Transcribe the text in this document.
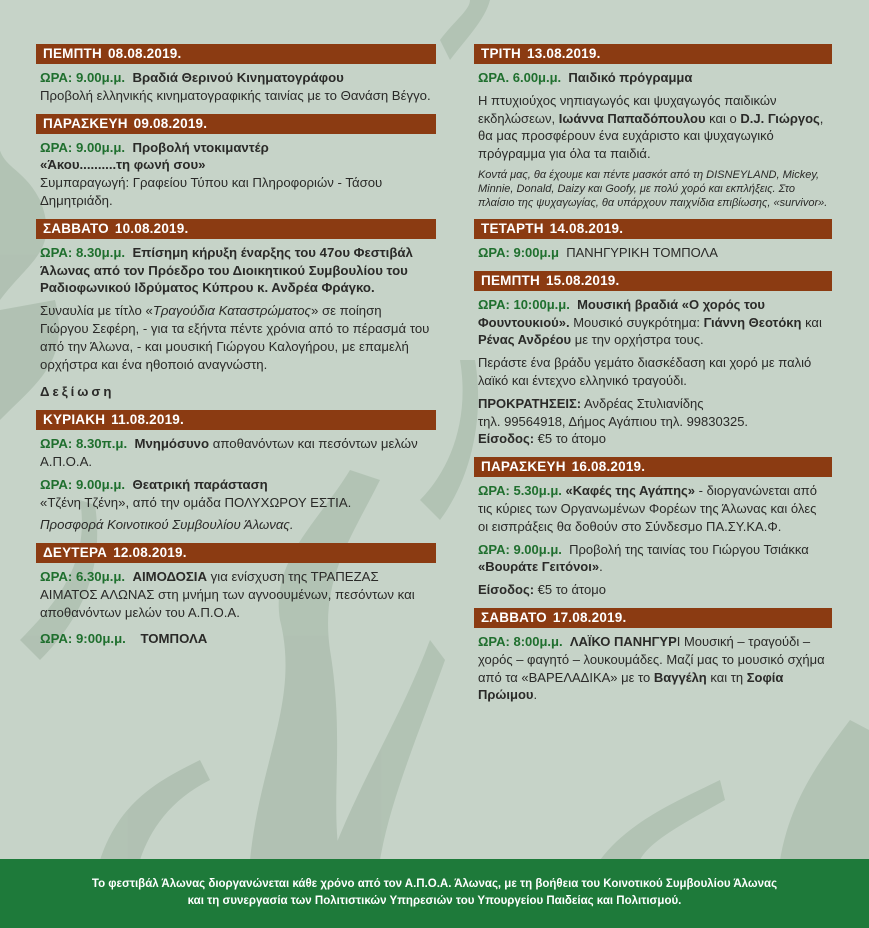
ΠΕΜΠΤΗ 08.08.2019.
ΩΡΑ: 9.00μ.μ. Βραδιά Θερινού Κινηματογράφου
Προβολή ελληνικής κινηματογραφικής ταινίας με το Θανάση Βέγγο.
ΠΑΡΑΣΚΕΥΗ 09.08.2019.
ΩΡΑ: 9.00μ.μ. Προβολή ντοκιμαντέρ
«Άκου..........τη φωνή σου»
Συμπαραγωγή: Γραφείου Τύπου και Πληροφοριών - Τάσου Δημητριάδη.
ΣΑΒΒΑΤΟ 10.08.2019.
ΩΡΑ: 8.30μ.μ. Επίσημη κήρυξη έναρξης του 47ου Φεστιβάλ Άλωνας από τον Πρόεδρο του Διοικητικού Συμβουλίου του Ραδιοφωνικού Ιδρύματος Κύπρου κ. Ανδρέα Φράγκο.
Συναυλία με τίτλο «Τραγούδια Καταστρώματος» σε ποίηση Γιώργου Σεφέρη, - για τα εξήντα πέντε χρόνια από το πέρασμά του από την Άλωνα, - και μουσική Γιώργου Καλογήρου, με επαμελή ορχήστρα και ένα ηθοποιό αναγνώστη.
Δεξίωση
ΚΥΡΙΑΚΗ 11.08.2019.
ΩΡΑ: 8.30π.μ. Μνημόσυνο αποθανόντων και πεσόντων μελών Α.Π.Ο.Α.
ΩΡΑ: 9.00μ.μ. Θεατρική παράσταση
«Τζένη Τζένη», από την ομάδα ΠΟΛΥΧΩΡΟΥ ΕΣΤΙΑ.
Προσφορά Κοινοτικού Συμβουλίου Άλωνας.
ΔΕΥΤΕΡΑ 12.08.2019.
ΩΡΑ: 6.30μ.μ. ΑΙΜΟΔΟΣΙΑ για ενίσχυση της ΤΡΑΠΕΖΑΣ ΑΙΜΑΤΟΣ ΑΛΩΝΑΣ στη μνήμη των αγνοουμένων, πεσόντων και αποθανόντων μελών του Α.Π.Ο.Α.
ΩΡΑ: 9:00μ.μ. ΤΟΜΠΟΛΑ
ΤΡΙΤΗ 13.08.2019.
ΩΡΑ. 6.00μ.μ. Παιδικό πρόγραμμα
Η πτυχιούχος νηπιαγωγός και ψυχαγωγός παιδικών εκδηλώσεων, Ιωάννα Παπαδόπουλου και ο D.J. Γιώργος, θα μας προσφέρουν ένα ευχάριστο και ψυχαγωγικό πρόγραμμα για όλα τα παιδιά.
Κοντά μας, θα έχουμε και πέντε μασκότ από τη DISNEYLAND, Mickey, Minnie, Donald, Daizy και Goofy, με πολύ χορό και εκπλήξεις. Στο πλαίσιο της ψυχαγωγίας, θα υπάρχουν παιχνίδια επιβίωσης, «survivor».
ΤΕΤΑΡΤΗ 14.08.2019.
ΩΡΑ: 9:00μ.μ ΠΑΝΗΓΥΡΙΚΗ ΤΟΜΠΟΛΑ
ΠΕΜΠΤΗ 15.08.2019.
ΩΡΑ: 10:00μ.μ. Μουσική βραδιά «Ο χορός του Φουντουκιού». Μουσικό συγκρότημα: Γιάννη Θεοτόκη και Ρένας Ανδρέου με την ορχήστρα τους.
Περάστε ένα βράδυ γεμάτο διασκέδαση και χορό με παλιό λαϊκό και έντεχνο ελληνικό τραγούδι.
ΠΡΟΚΡΑΤΗΣΕΙΣ: Ανδρέας Στυλιανίδης
τηλ. 99564918, Δήμος Αγάπιου τηλ. 99830325.
Είσοδος: €5 το άτομο
ΠΑΡΑΣΚΕΥΗ 16.08.2019.
ΩΡΑ: 5.30μ.μ. «Καφές της Αγάπης» - διοργανώνεται από τις κύριες των Οργανωμένων Φορέων της Άλωνας και όλες οι εισπράξεις θα δοθούν στο Σύνδεσμο ΠΑ.ΣΥ.ΚΑ.Φ.
ΩΡΑ: 9.00μ.μ. Προβολή της ταινίας του Γιώργου Τσιάκκα «Βουράτε Γειτόνοι».
Είσοδος: €5 το άτομο
ΣΑΒΒΑΤΟ 17.08.2019.
ΩΡΑ: 8:00μ.μ. ΛΑΪΚΟ ΠΑΝΗΓΥΡΙ Μουσική – τραγούδι – χορός – φαγητό – λουκουμάδες. Μαζί μας το μουσικό σχήμα από τα «ΒΑΡΕΛΑΔΙΚΑ» με το Βαγγέλη και τη Σοφία Πρώιμου.
Το φεστιβάλ Άλωνας διοργανώνεται κάθε χρόνο από τον Α.Π.Ο.Α. Άλωνας, με τη βοήθεια του Κοινοτικού Συμβουλίου Άλωνας
και τη συνεργασία των Πολιτιστικών Υπηρεσιών του Υπουργείου Παιδείας και Πολιτισμού.
